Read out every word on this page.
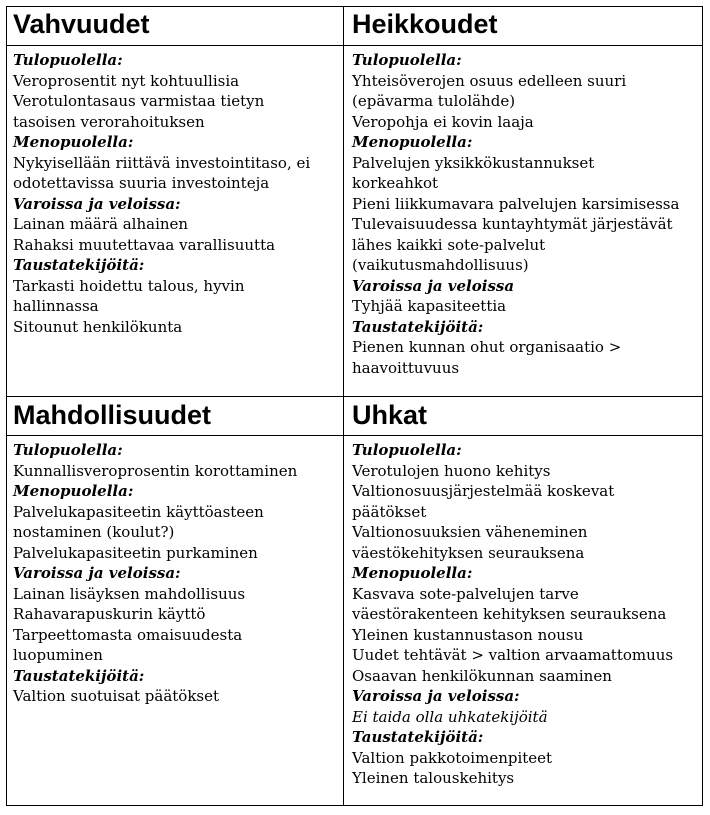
Vahvuudet	Heikkoudet
Mahdollisuudet	Uhkat
Tulopuolella:
Veroprosentit nyt kohtuullisia
Verotulontasaus varmistaa tietyn
tasoisen verorahoituksen
Menopuolella:
Nykyisellään riittävä investointitaso, ei
odotettavissa suuria investointeja
Varoissa ja veloissa:
Lainan määrä alhainen
Rahaksi muutettavaa varallisuutta
Taustatekijöitä:
Tarkasti hoidettu talous, hyvin
hallinnassa
Sitounut henkilökunta
Tulopuolella:
Yhteisöverojen osuus edelleen suuri
(epävarma tulolähde)
Veropohja ei kovin laaja
Menopuolella:
Palvelujen yksikkökustannukset
korkeahkot
Pieni liikkumavara palvelujen karsimisessa
Tulevaisuudessa kuntayhtymät järjestävät
lähes kaikki sote-palvelut
(vaikutusmahdollisuus)
Varoissa ja veloissa
Tyhjää kapasiteettia
Taustatekijöitä:
Pienen kunnan ohut organisaatio >
haavoittuvuus
Tulopuolella:
Kunnallisveroprosentin korottaminen
Menopuolella:
Palvelukapasiteetin käyttöasteen
nostaminen (koulut?)
Palvelukapasiteetin purkaminen
Varoissa ja veloissa:
Lainan lisäyksen mahdollisuus
Rahavarapuskurin käyttö
Tarpeettomasta omaisuudesta
luopuminen
Taustatekijöitä:
Valtion suotuisat päätökset
Tulopuolella:
Verotulojen huono kehitys
Valtionosuusjärjestelmää koskevat
päätökset
Valtionosuuksien väheneminen
väestökehityksen seurauksena
Menopuolella:
Kasvava sote-palvelujen tarve
väestörakenteen kehityksen seurauksena
Yleinen kustannustason nousu
Uudet tehtävät > valtion arvaamattomuus
Osaavan henkilökunnan saaminen
Varoissa ja veloissa:
Ei taida olla uhkatekijöitä
Taustatekijöitä:
Valtion pakkotoimenpiteet
Yleinen talouskehitys
